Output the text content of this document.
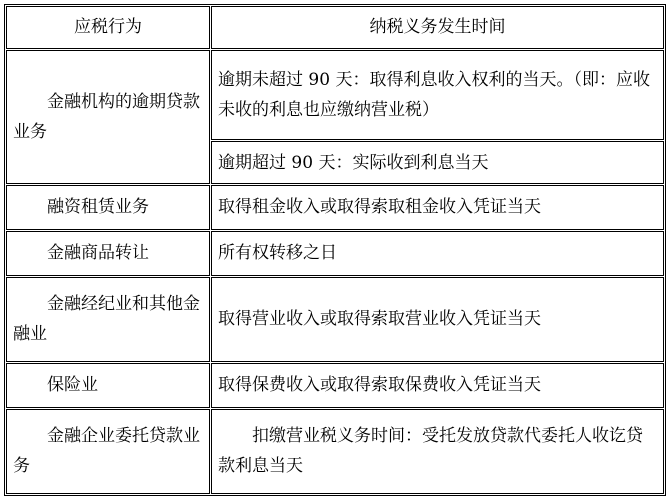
应税行为	纳税义务发生时间
金融机构的逾期贷款业务	逾期未超过 90 天：取得利息收入权利的当天。（即：应收未收的利息也应缴纳营业税）
	逾期超过 90 天：实际收到利息当天
融资租赁业务	取得租金收入或取得索取租金收入凭证当天
金融商品转让	所有权转移之日
金融经纪业和其他金融业	取得营业收入或取得索取营业收入凭证当天
保险业	取得保费收入或取得索取保费收入凭证当天
金融企业委托贷款业务	扣缴营业税义务时间：受托发放贷款代委托人收讫贷款利息当天
